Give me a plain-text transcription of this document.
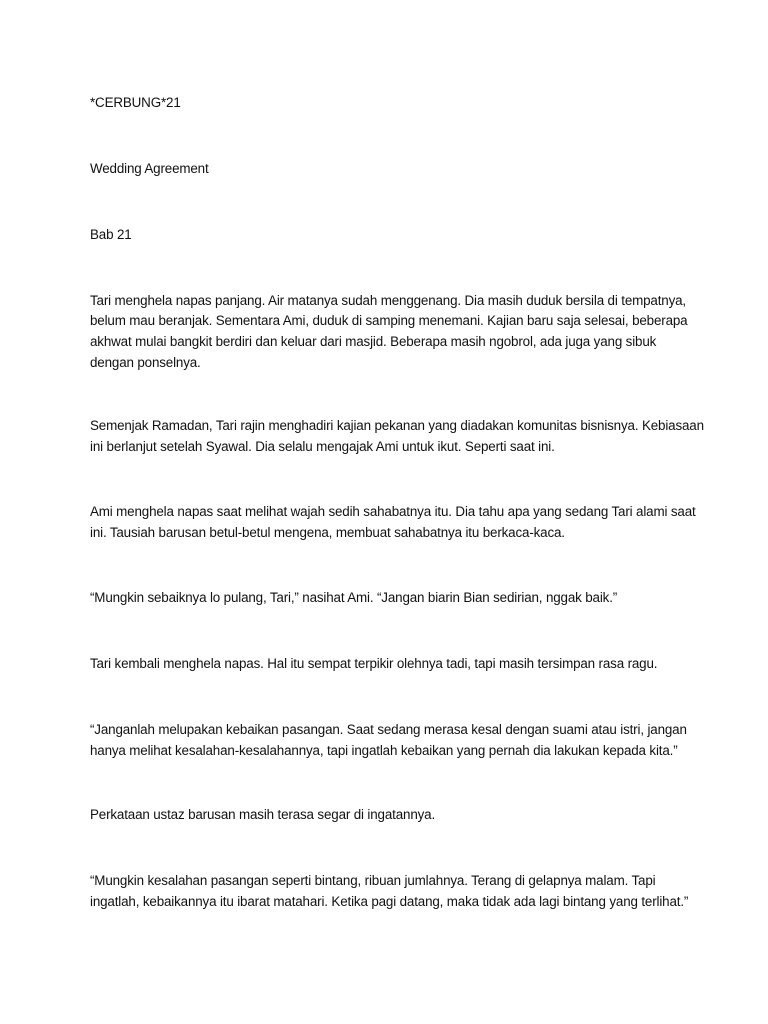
*CERBUNG*21
Wedding Agreement
Bab 21
Tari menghela napas panjang. Air matanya sudah menggenang. Dia masih duduk bersila di tempatnya,
belum mau beranjak. Sementara Ami, duduk di samping menemani. Kajian baru saja selesai, beberapa
akhwat mulai bangkit berdiri dan keluar dari masjid. Beberapa masih ngobrol, ada juga yang sibuk
dengan ponselnya.
Semenjak Ramadan, Tari rajin menghadiri kajian pekanan yang diadakan komunitas bisnisnya. Kebiasaan
ini berlanjut setelah Syawal. Dia selalu mengajak Ami untuk ikut. Seperti saat ini.
Ami menghela napas saat melihat wajah sedih sahabatnya itu. Dia tahu apa yang sedang Tari alami saat
ini. Tausiah barusan betul-betul mengena, membuat sahabatnya itu berkaca-kaca.
“Mungkin sebaiknya lo pulang, Tari,” nasihat Ami. “Jangan biarin Bian sedirian, nggak baik.”
Tari kembali menghela napas. Hal itu sempat terpikir olehnya tadi, tapi masih tersimpan rasa ragu.
“Janganlah melupakan kebaikan pasangan. Saat sedang merasa kesal dengan suami atau istri, jangan
hanya melihat kesalahan-kesalahannya, tapi ingatlah kebaikan yang pernah dia lakukan kepada kita.”
Perkataan ustaz barusan masih terasa segar di ingatannya.
“Mungkin kesalahan pasangan seperti bintang, ribuan jumlahnya. Terang di gelapnya malam. Tapi
ingatlah, kebaikannya itu ibarat matahari. Ketika pagi datang, maka tidak ada lagi bintang yang terlihat.”
